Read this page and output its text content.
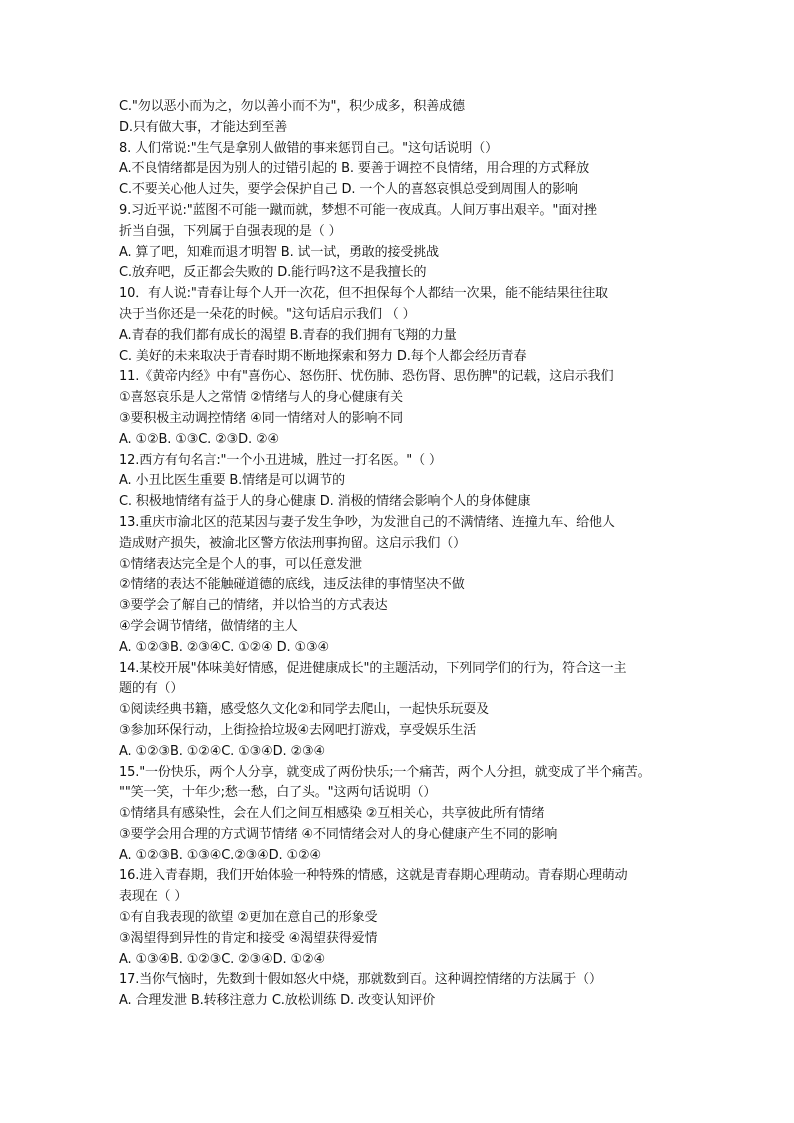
C."勿以恶小而为之，勿以善小而不为"，积少成多，积善成德
D.只有做大事，才能达到至善
8. 人们常说:"生气是拿别人做错的事来惩罚自己。"这句话说明（）
A.不良情绪都是因为别人的过错引起的 B. 要善于调控不良情绪，用合理的方式释放
C.不要关心他人过失，要学会保护自己 D. 一个人的喜怒哀惧总受到周围人的影响
9.习近平说:"蓝图不可能一蹴而就，梦想不可能一夜成真。人间万事出艰辛。"面对挫
折当自强，下列属于自强表现的是（ ）
A. 算了吧，知难而退才明智 B. 试一试，勇敢的接受挑战
C.放弃吧，反正都会失败的 D.能行吗?这不是我擅长的
10．有人说:"青春让每个人开一次花，但不担保每个人都结一次果，能不能结果往往取
决于当你还是一朵花的时候。"这句话启示我们 （ ）
A.青春的我们都有成长的渴望 B.青春的我们拥有飞翔的力量
C. 美好的未来取决于青春时期不断地探索和努力 D.每个人都会经历青春
11.《黄帝内经》中有"喜伤心、怒伤肝、忧伤肺、恐伤肾、思伤脾"的记载，这启示我们
①喜怒哀乐是人之常情 ②情绪与人的身心健康有关
③要积极主动调控情绪 ④同一情绪对人的影响不同
A. ①②B. ①③C. ②③D. ②④
12.西方有句名言:"一个小丑进城，胜过一打名医。"（ ）
A. 小丑比医生重要 B.情绪是可以调节的
C. 积极地情绪有益于人的身心健康 D. 消极的情绪会影响个人的身体健康
13.重庆市渝北区的范某因与妻子发生争吵，为发泄自己的不满情绪、连撞九车、给他人
造成财产损失，被渝北区警方依法刑事拘留。这启示我们（）
①情绪表达完全是个人的事，可以任意发泄
②情绪的表达不能触碰道德的底线，违反法律的事情坚决不做
③要学会了解自己的情绪，并以恰当的方式表达
④学会调节情绪，做情绪的主人
A. ①②③B. ②③④C. ①②④ D. ①③④
14.某校开展"体味美好情感，促进健康成长"的主题活动，下列同学们的行为，符合这一主
题的有（）
①阅读经典书籍，感受悠久文化②和同学去爬山，一起快乐玩耍及
③参加环保行动，上街捡拾垃圾④去网吧打游戏，享受娱乐生活
A. ①②③B. ①②④C. ①③④D. ②③④
15."一份快乐，两个人分享，就变成了两份快乐;一个痛苦，两个人分担，就变成了半个痛苦。
""笑一笑，十年少;愁一愁，白了头。"这两句话说明（）
①情绪具有感染性，会在人们之间互相感染 ②互相关心，共享彼此所有情绪
③要学会用合理的方式调节情绪 ④不同情绪会对人的身心健康产生不同的影响
A. ①②③B. ①③④C.②③④D. ①②④
16.进入青春期，我们开始体验一种特殊的情感，这就是青春期心理萌动。青春期心理萌动
表现在（ ）
①有自我表现的欲望 ②更加在意自己的形象受
③渴望得到异性的肯定和接受 ④渴望获得爱情
A. ①③④B. ①②③C. ②③④D. ①②④
17.当你气恼时，先数到十假如怒火中烧，那就数到百。这种调控情绪的方法属于（）
A. 合理发泄 B.转移注意力 C.放松训练 D. 改变认知评价
